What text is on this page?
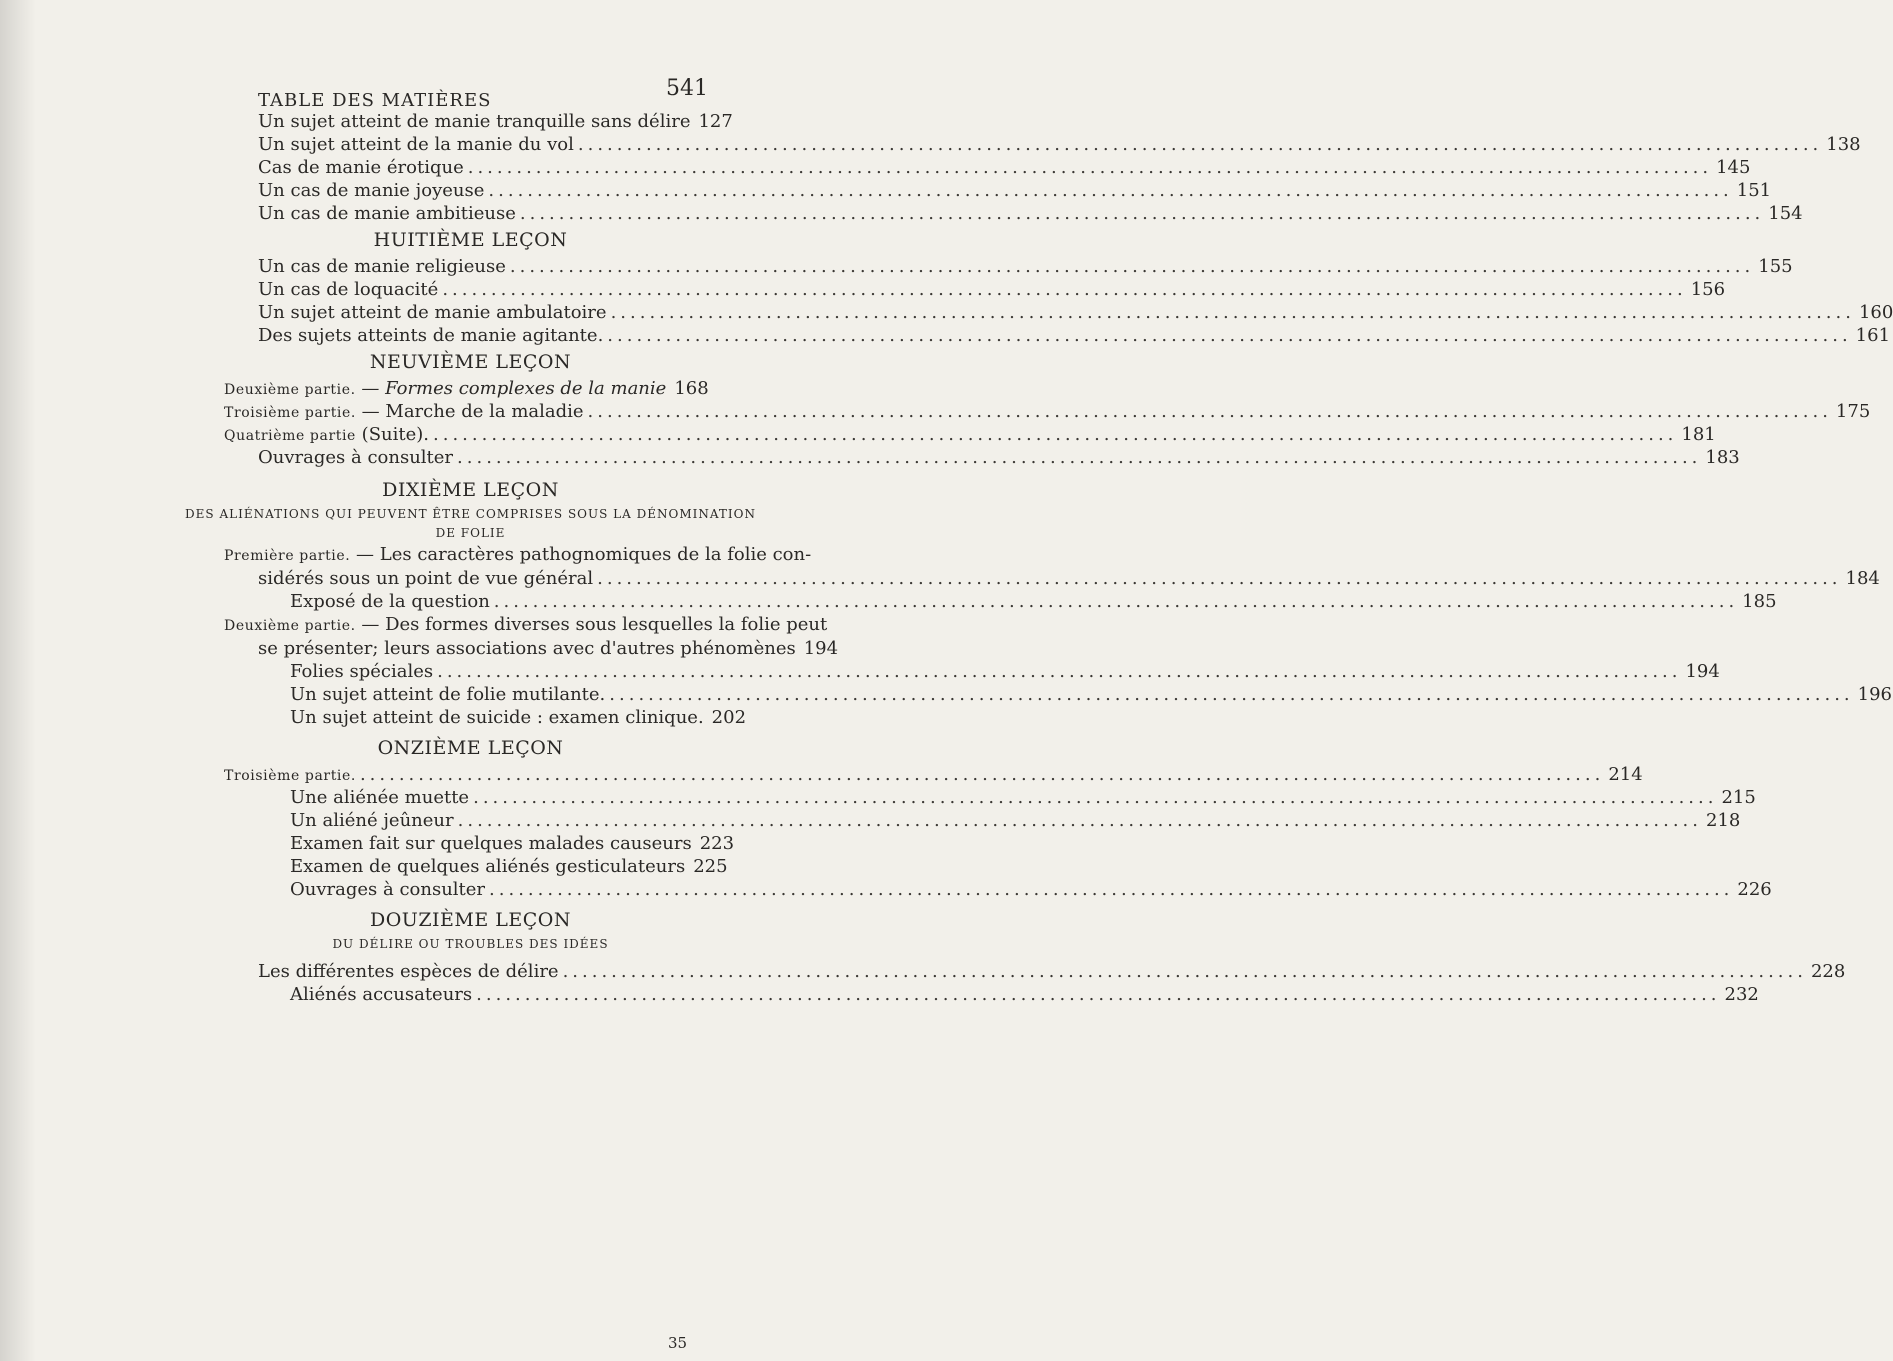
TABLE DES MATIÈRES	541
Un sujet atteint de manie tranquille sans délire 127
Un sujet atteint de la manie du vol .....	138
Cas de manie érotique .....	145
Un cas de manie joyeuse .....	151
Un cas de manie ambitieuse .....	154
HUITIÈME LEÇON
Un cas de manie religieuse .....	155
Un cas de loquacité .....	156
Un sujet atteint de manie ambulatoire .....	160
Des sujets atteints de manie agitante. .....	161
NEUVIÈME LEÇON
Deuxième partie. — Formes complexes de la manie 168
Troisième partie. — Marche de la maladie .....	175
Quatrième partie (Suite). .....	181
Ouvrages à consulter .....	183
DIXIÈME LEÇON
DES ALIÉNATIONS QUI PEUVENT ÊTRE COMPRISES SOUS LA DÉNOMINATION
DE FOLIE
Première partie. — Les caractères pathognomiques de la folie con-
sidérés sous un point de vue général .....	184
Exposé de la question .....	185
Deuxième partie. — Des formes diverses sous lesquelles la folie peut
se présenter; leurs associations avec d'autres phénomènes 194
Folies spéciales .....	194
Un sujet atteint de folie mutilante. .....	196
Un sujet atteint de suicide : examen clinique. 202
ONZIÈME LEÇON
Troisième partie. .....	214
Une aliénée muette .....	215
Un aliéné jeûneur .....	218
Examen fait sur quelques malades causeurs 223
Examen de quelques aliénés gesticulateurs 225
Ouvrages à consulter .....	226
DOUZIÈME LEÇON
DU DÉLIRE OU TROUBLES DES IDÉES
Les différentes espèces de délire .....	228
Aliénés accusateurs .....	232
35
